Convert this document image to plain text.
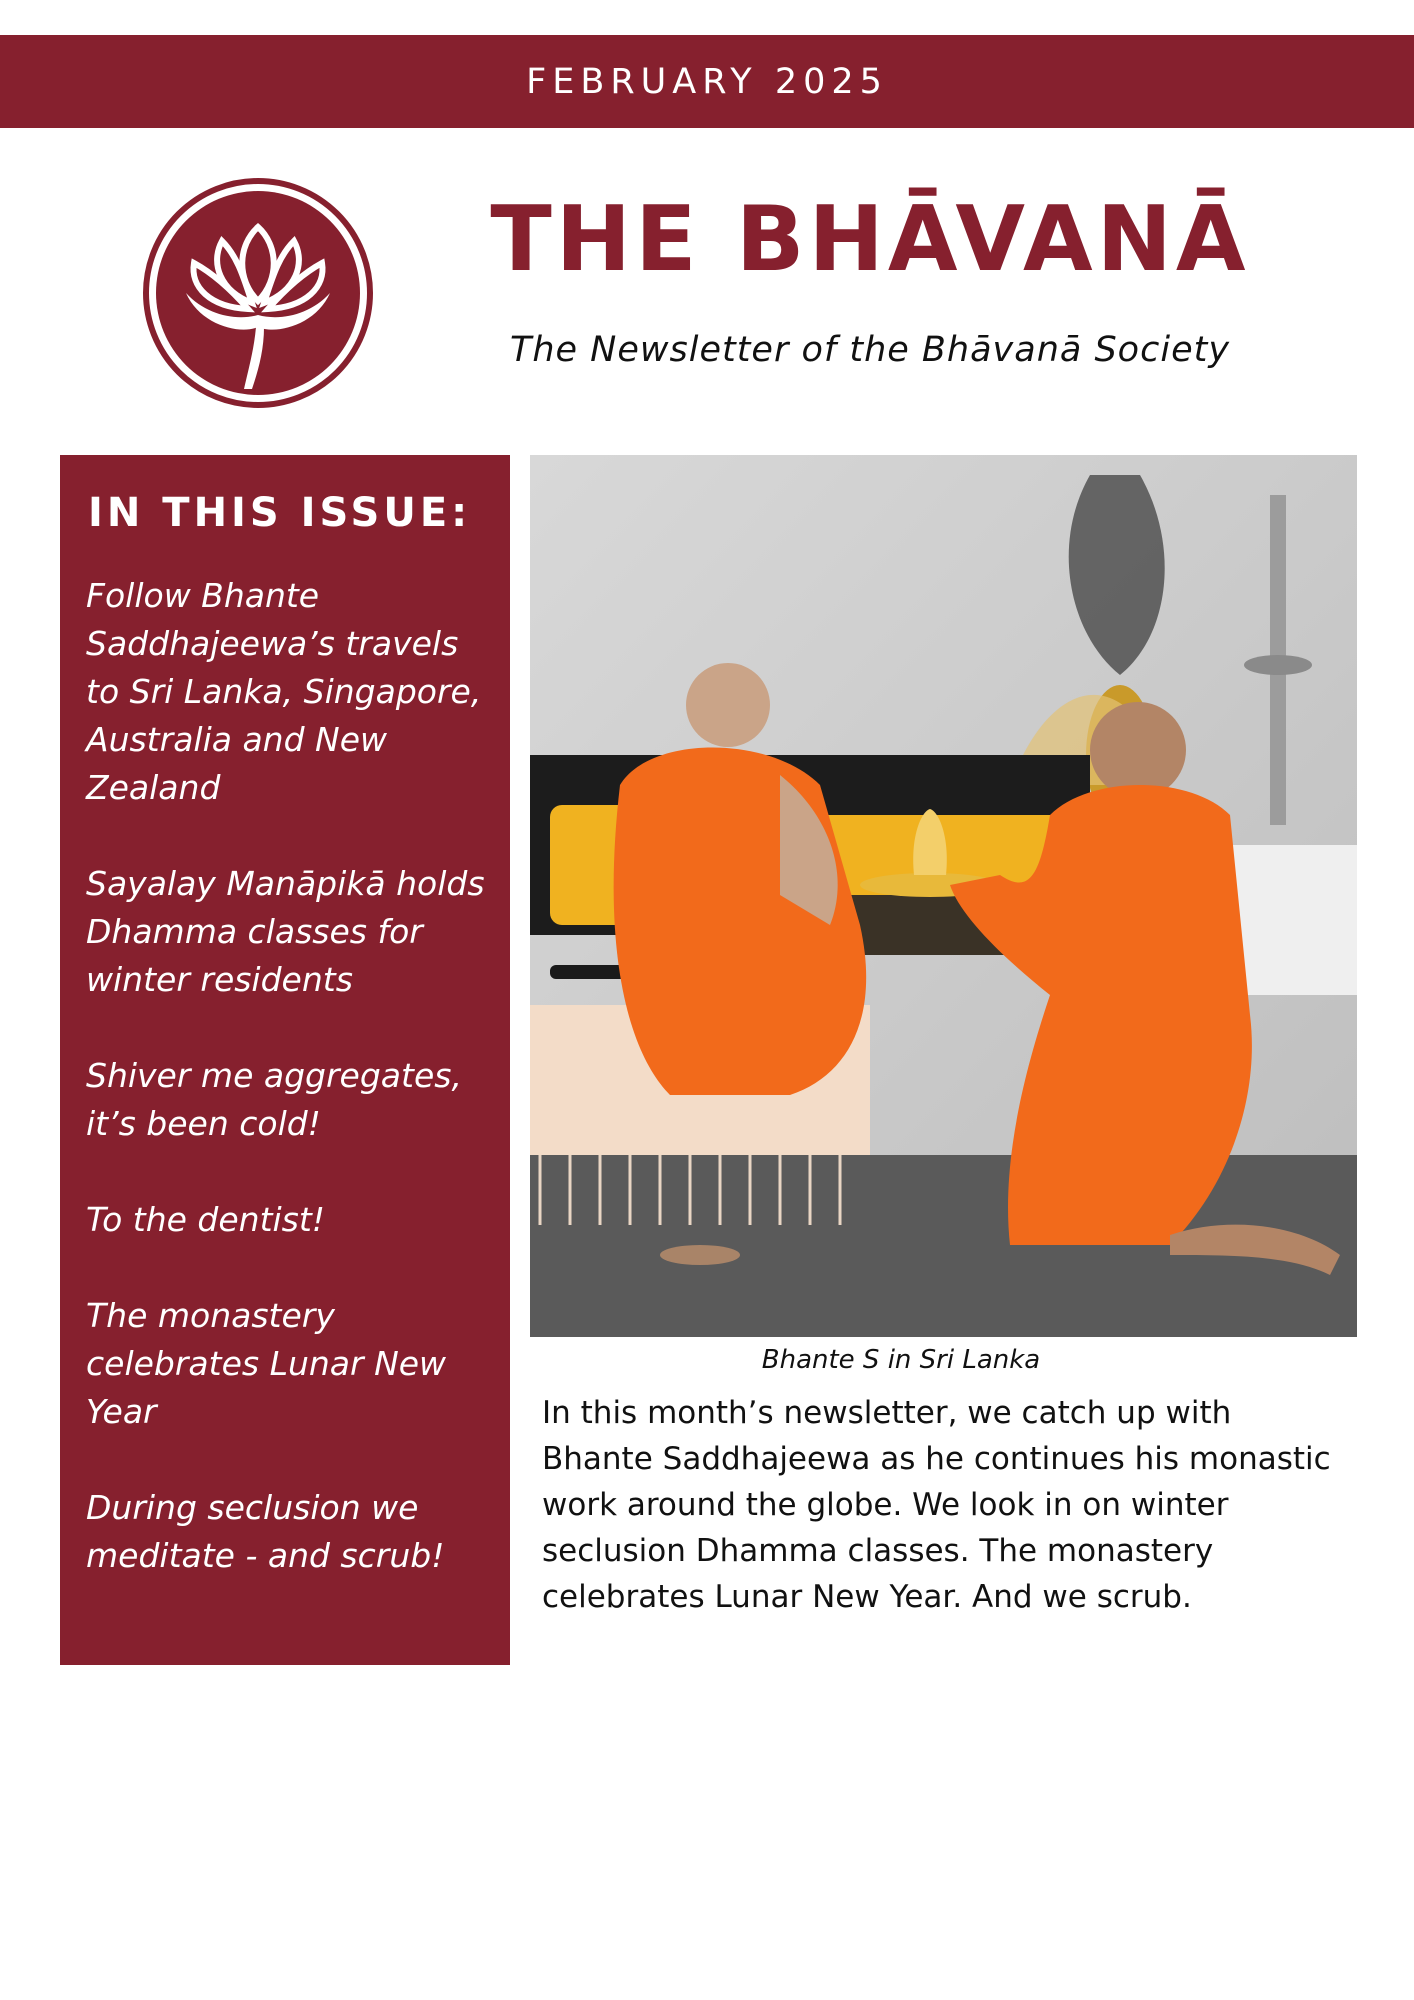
FEBRUARY 2025
THE BHĀVANĀ
The Newsletter of the Bhāvanā Society
IN THIS ISSUE:
Follow Bhante Saddhajeewa’s travels to Sri Lanka, Singapore, Australia and New Zealand
Sayalay Manāpikā holds Dhamma classes for winter residents
Shiver me aggregates, it’s been cold!
To the dentist!
The monastery celebrates Lunar New Year
During seclusion we meditate - and scrub!
Bhante S in Sri Lanka
In this month’s newsletter, we catch up with Bhante Saddhajeewa as he continues his monastic work around the globe. We look in on winter seclusion Dhamma classes. The monastery celebrates Lunar New Year. And we scrub.
